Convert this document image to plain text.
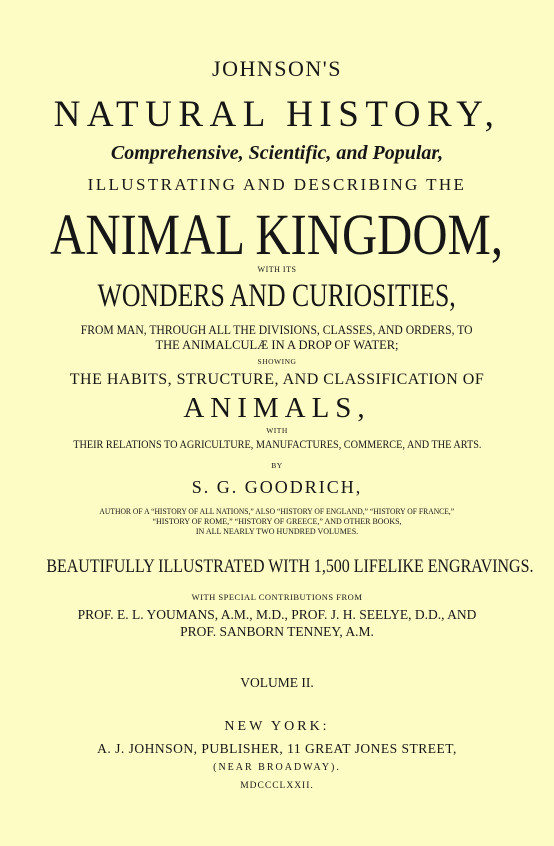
JOHNSON'S
NATURAL HISTORY,
Comprehensive, Scientific, and Popular,
ILLUSTRATING AND DESCRIBING THE
ANIMAL KINGDOM,
WITH ITS
WONDERS AND CURIOSITIES,
FROM MAN, THROUGH ALL THE DIVISIONS, CLASSES, AND ORDERS, TO
THE ANIMALCULÆ IN A DROP OF WATER;
SHOWING
THE HABITS, STRUCTURE, AND CLASSIFICATION OF
ANIMALS,
WITH
THEIR RELATIONS TO AGRICULTURE, MANUFACTURES, COMMERCE, AND THE ARTS.
BY
S. G. GOODRICH,
AUTHOR OF A “HISTORY OF ALL NATIONS,” ALSO “HISTORY OF ENGLAND,” “HISTORY OF FRANCE,”
“HISTORY OF ROME,” “HISTORY OF GREECE,” AND OTHER BOOKS,
IN ALL NEARLY TWO HUNDRED VOLUMES.
BEAUTIFULLY ILLUSTRATED WITH 1,500 LIFELIKE ENGRAVINGS.
WITH SPECIAL CONTRIBUTIONS FROM
PROF. E. L. YOUMANS, A.M., M.D., PROF. J. H. SEELYE, D.D., AND
PROF. SANBORN TENNEY, A.M.
VOLUME II.
NEW YORK:
A. J. JOHNSON, PUBLISHER, 11 GREAT JONES STREET,
(NEAR BROADWAY).
MDCCCLXXII.
